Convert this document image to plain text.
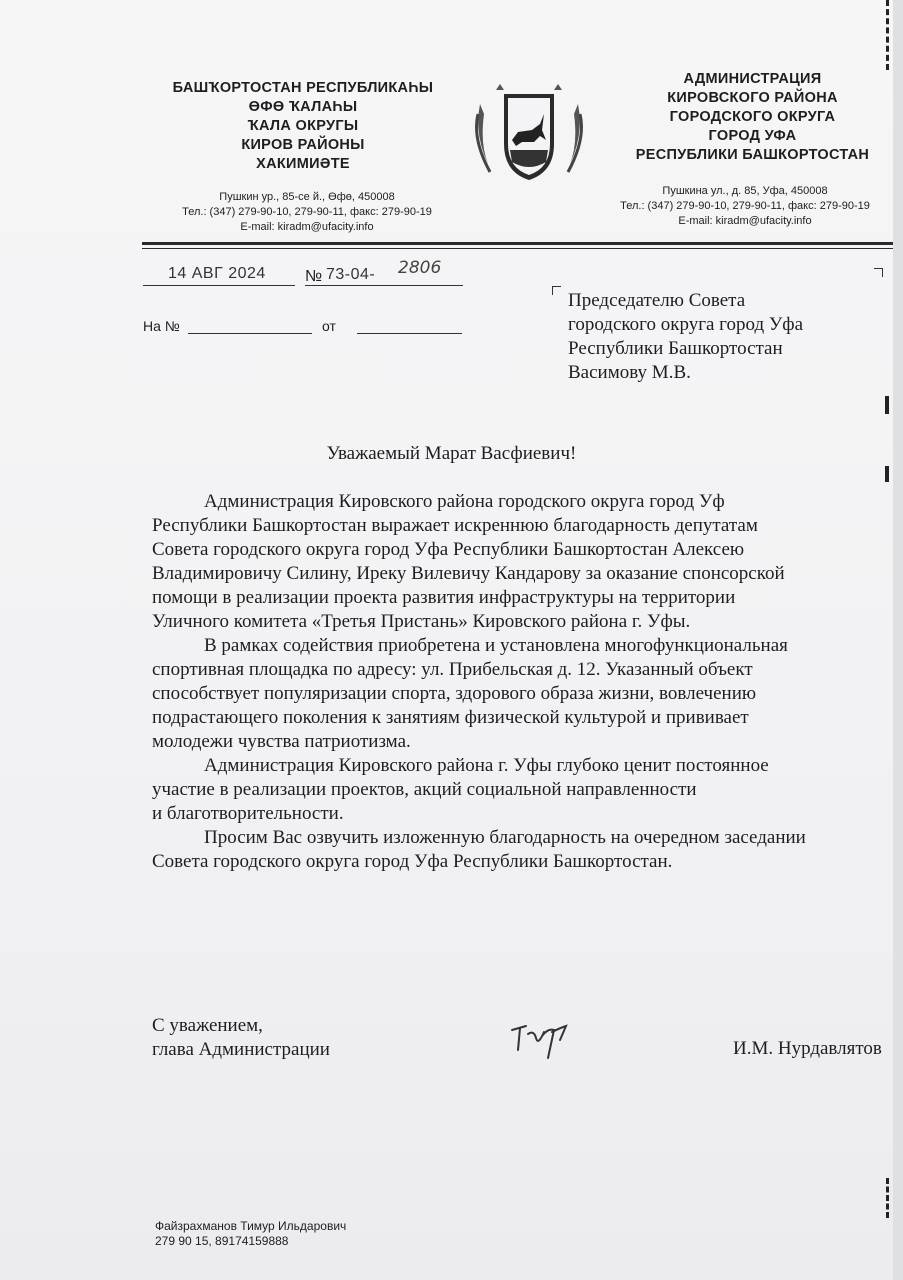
БАШҠОРТОСТАН РЕСПУБЛИКАҺЫ
ӨФӨ ҠАЛАҺЫ
ҠАЛА ОКРУГЫ
КИРОВ РАЙОНЫ
ХАКИМИӘТЕ
Пушкин ур., 85-се й., Өфө, 450008
Тел.: (347) 279-90-10, 279-90-11, факс: 279-90-19
E-mail: kiradm@ufacity.info
АДМИНИСТРАЦИЯ
КИРОВСКОГО РАЙОНА
ГОРОДСКОГО ОКРУГА
ГОРОД УФА
РЕСПУБЛИКИ БАШКОРТОСТАН
Пушкина ул., д. 85, Уфа, 450008
Тел.: (347) 279-90-10, 279-90-11, факс: 279-90-19
E-mail: kiradm@ufacity.info
14 АВГ 2024 № 73-04- 2806
На №	от
Председателю Совета
городского округа город Уфа
Республики Башкортостан
Васимову М.В.
Уважаемый Марат Васфиевич!

Администрация Кировского района городского округа город Уф

Республики Башкортостан выражает искреннюю благодарность депутатам

Совета городского округа город Уфа Республики Башкортостан Алексею

Владимировичу Силину, Иреку Вилевичу Кандарову за оказание спонсорской

помощи в реализации проекта развития инфраструктуры на территории

Уличного комитета «Третья Пристань» Кировского района г. Уфы.

В рамках содействия приобретена и установлена многофункциональная

спортивная площадка по адресу: ул. Прибельская д. 12. Указанный объект

способствует популяризации спорта, здорового образа жизни, вовлечению

подрастающего поколения к занятиям физической культурой и прививает

молодежи чувства патриотизма.

Администрация Кировского района г. Уфы глубоко ценит постоянное

участие в реализации проектов, акций социальной направленности

и благотворительности.

Просим Вас озвучить изложенную благодарность на очередном заседании

Совета городского округа город Уфа Республики Башкортостан.

С уважением,
глава Администрации	И.М. Нурдавлятов
Файзрахманов Тимур Ильдарович
279 90 15, 89174159888
